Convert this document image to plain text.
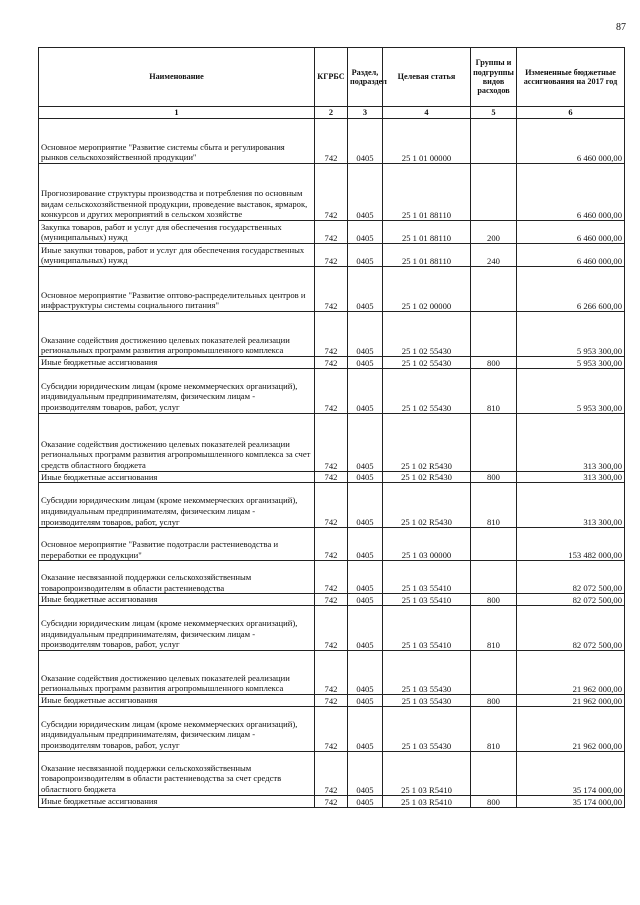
87
Наименование	КГРБС	Раздел, подраздел	Целевая статья	Группы и подгруппы видов расходов	Измененные бюджетные ассигнования на 2017 год
1	2	3	4	5	6
Основное мероприятие "Развитие системы сбыта и регулирования рынков сельскохозяйственной продукции"	742	0405	25 1 01 00000		6 460 000,00
Прогнозирование структуры производства и потребления по основным видам сельскохозяйственной продукции, проведение выставок, ярмарок, конкурсов и других мероприятий в сельском хозяйстве	742	0405	25 1 01 88110		6 460 000,00
Закупка товаров, работ и услуг для обеспечения государственных (муниципальных) нужд	742	0405	25 1 01 88110	200	6 460 000,00
Иные закупки товаров, работ и услуг для обеспечения государственных (муниципальных) нужд	742	0405	25 1 01 88110	240	6 460 000,00
Основное мероприятие "Развитие оптово-распределительных центров и инфраструктуры системы социального питания"	742	0405	25 1 02 00000		6 266 600,00
Оказание содействия достижению целевых показателей реализации региональных программ развития агропромышленного комплекса	742	0405	25 1 02 55430		5 953 300,00
Иные бюджетные ассигнования	742	0405	25 1 02 55430	800	5 953 300,00
Субсидии юридическим лицам (кроме некоммерческих организаций), индивидуальным предпринимателям, физическим лицам - производителям товаров, работ, услуг	742	0405	25 1 02 55430	810	5 953 300,00
Оказание содействия достижению целевых показателей реализации региональных программ развития агропромышленного комплекса за счет средств областного бюджета	742	0405	25 1 02 R5430		313 300,00
Иные бюджетные ассигнования	742	0405	25 1 02 R5430	800	313 300,00
Субсидии юридическим лицам (кроме некоммерческих организаций), индивидуальным предпринимателям, физическим лицам - производителям товаров, работ, услуг	742	0405	25 1 02 R5430	810	313 300,00
Основное мероприятие "Развитие подотрасли растениеводства и переработки ее продукции"	742	0405	25 1 03 00000		153 482 000,00
Оказание несвязанной поддержки сельскохозяйственным товаропроизводителям в области растениеводства	742	0405	25 1 03 55410		82 072 500,00
Иные бюджетные ассигнования	742	0405	25 1 03 55410	800	82 072 500,00
Субсидии юридическим лицам (кроме некоммерческих организаций), индивидуальным предпринимателям, физическим лицам - производителям товаров, работ, услуг	742	0405	25 1 03 55410	810	82 072 500,00
Оказание содействия достижению целевых показателей реализации региональных программ развития агропромышленного комплекса	742	0405	25 1 03 55430		21 962 000,00
Иные бюджетные ассигнования	742	0405	25 1 03 55430	800	21 962 000,00
Субсидии юридическим лицам (кроме некоммерческих организаций), индивидуальным предпринимателям, физическим лицам - производителям товаров, работ, услуг	742	0405	25 1 03 55430	810	21 962 000,00
Оказание несвязанной поддержки сельскохозяйственным товаропроизводителям в области растениеводства за счет средств областного бюджета	742	0405	25 1 03 R5410		35 174 000,00
Иные бюджетные ассигнования	742	0405	25 1 03 R5410	800	35 174 000,00
